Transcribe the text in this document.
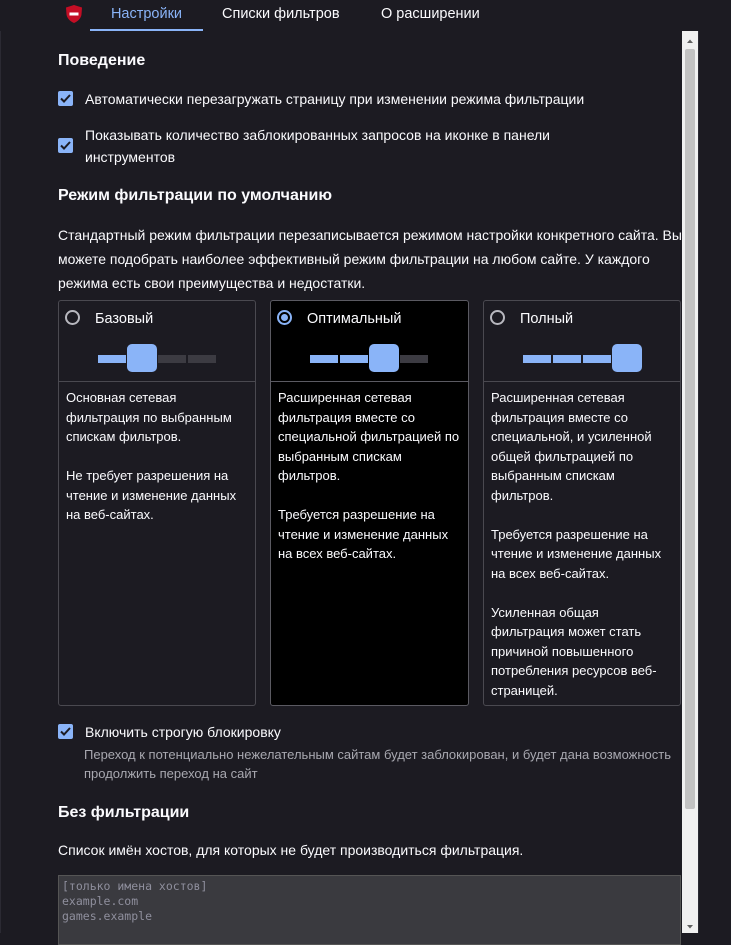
Настройки	Списки фильтров	О расширении
Поведение
Автоматически перезагружать страницу при изменении режима фильтрации
Показывать количество заблокированных запросов на иконке в панели
инструментов
Режим фильтрации по умолчанию

Стандартный режим фильтрации перезаписывается режимом настройки конкретного сайта. Вы можете подобрать наиболее эффективный режим фильтрации на любом сайте. У каждого режима есть свои преимущества и недостатки.

Базовый

Основная сетевая фильтрация по выбранным спискам фильтров.

Не требует разрешения на чтение и изменение данных на веб-сайтах.

Оптимальный

Расширенная сетевая фильтрация вместе со специальной фильтрацией по выбранным спискам фильтров.

Требуется разрешение на чтение и изменение данных на всех веб-сайтах.

Полный

Расширенная сетевая фильтрация вместе со специальной, и усиленной общей фильтрацией по выбранным спискам фильтров.

Требуется разрешение на чтение и изменение данных на всех веб-сайтах.

Усиленная общая фильтрация может стать причиной повышенного потребления ресурсов веб-страницей.

Включить строгую блокировку

Переход к потенциально нежелательным сайтам будет заблокирован, и будет дана возможность продолжить переход на сайт

Без фильтрации

Список имён хостов, для которых не будет производиться фильтрация.

[только имена хостов] example.com games.example
